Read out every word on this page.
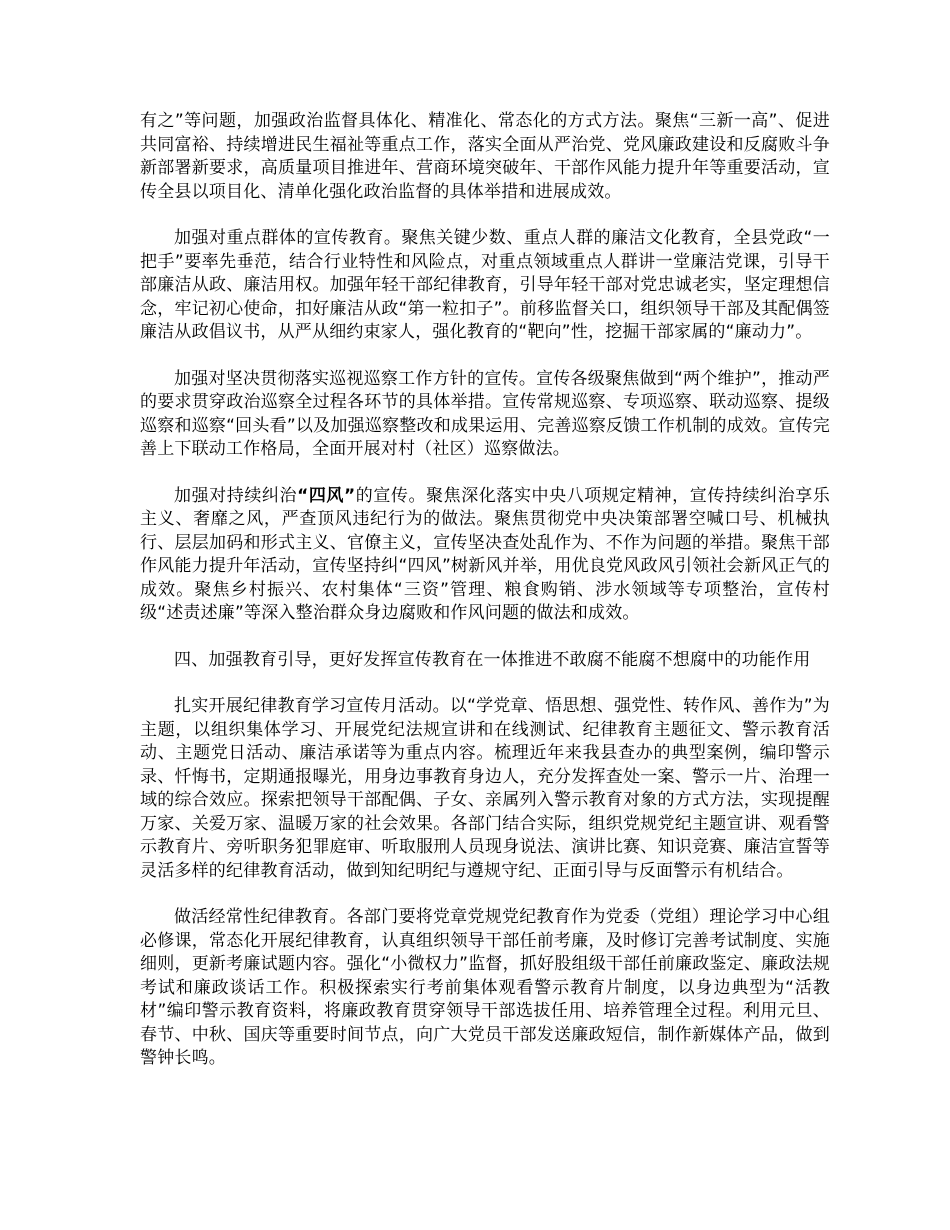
有之”等问题，加强政治监督具体化、精准化、常态化的方式方法。聚焦“三新一高”、促进共同富裕、持续增进民生福祉等重点工作，落实全面从严治党、党风廉政建设和反腐败斗争新部署新要求，高质量项目推进年、营商环境突破年、干部作风能力提升年等重要活动，宣传全县以项目化、清单化强化政治监督的具体举措和进展成效。

加强对重点群体的宣传教育。聚焦关键少数、重点人群的廉洁文化教育，全县党政“一把手”要率先垂范，结合行业特性和风险点，对重点领域重点人群讲一堂廉洁党课，引导干部廉洁从政、廉洁用权。加强年轻干部纪律教育，引导年轻干部对党忠诚老实，坚定理想信念，牢记初心使命，扣好廉洁从政“第一粒扣子”。前移监督关口，组织领导干部及其配偶签廉洁从政倡议书，从严从细约束家人，强化教育的“靶向”性，挖掘干部家属的“廉动力”。

加强对坚决贯彻落实巡视巡察工作方针的宣传。宣传各级聚焦做到“两个维护”，推动严的要求贯穿政治巡察全过程各环节的具体举措。宣传常规巡察、专项巡察、联动巡察、提级巡察和巡察“回头看”以及加强巡察整改和成果运用、完善巡察反馈工作机制的成效。宣传完善上下联动工作格局，全面开展对村（社区）巡察做法。

加强对持续纠治“四风”的宣传。聚焦深化落实中央八项规定精神，宣传持续纠治享乐主义、奢靡之风，严查顶风违纪行为的做法。聚焦贯彻党中央决策部署空喊口号、机械执行、层层加码和形式主义、官僚主义，宣传坚决查处乱作为、不作为问题的举措。聚焦干部作风能力提升年活动，宣传坚持纠“四风”树新风并举，用优良党风政风引领社会新风正气的成效。聚焦乡村振兴、农村集体“三资”管理、粮食购销、涉水领域等专项整治，宣传村级“述责述廉”等深入整治群众身边腐败和作风问题的做法和成效。

四、加强教育引导，更好发挥宣传教育在一体推进不敢腐不能腐不想腐中的功能作用

扎实开展纪律教育学习宣传月活动。以“学党章、悟思想、强党性、转作风、善作为”为主题，以组织集体学习、开展党纪法规宣讲和在线测试、纪律教育主题征文、警示教育活动、主题党日活动、廉洁承诺等为重点内容。梳理近年来我县查办的典型案例，编印警示录、忏悔书，定期通报曝光，用身边事教育身边人，充分发挥查处一案、警示一片、治理一域的综合效应。探索把领导干部配偶、子女、亲属列入警示教育对象的方式方法，实现提醒万家、关爱万家、温暖万家的社会效果。各部门结合实际，组织党规党纪主题宣讲、观看警示教育片、旁听职务犯罪庭审、听取服刑人员现身说法、演讲比赛、知识竞赛、廉洁宣誓等灵活多样的纪律教育活动，做到知纪明纪与遵规守纪、正面引导与反面警示有机结合。

做活经常性纪律教育。各部门要将党章党规党纪教育作为党委（党组）理论学习中心组必修课，常态化开展纪律教育，认真组织领导干部任前考廉，及时修订完善考试制度、实施细则，更新考廉试题内容。强化“小微权力”监督，抓好股组级干部任前廉政鉴定、廉政法规考试和廉政谈话工作。积极探索实行考前集体观看警示教育片制度，以身边典型为“活教材”编印警示教育资料，将廉政教育贯穿领导干部选拔任用、培养管理全过程。利用元旦、春节、中秋、国庆等重要时间节点，向广大党员干部发送廉政短信，制作新媒体产品，做到警钟长鸣。
